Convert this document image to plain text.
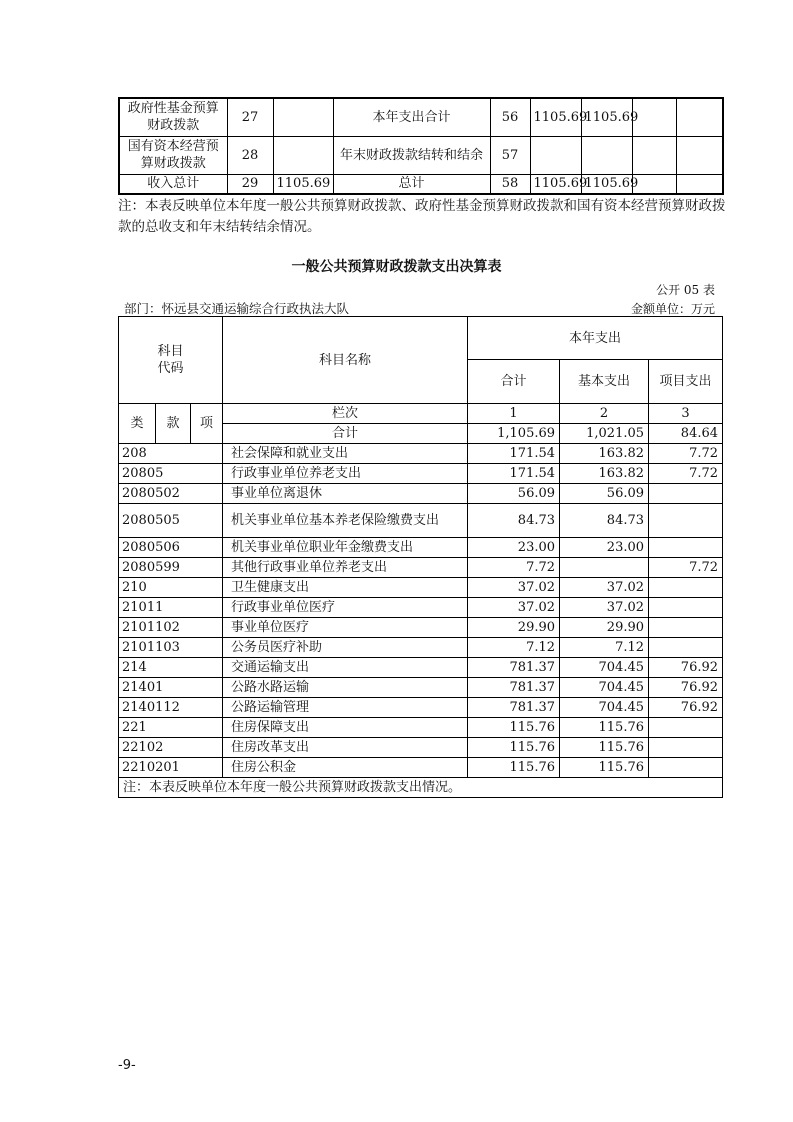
政府性基金预算财政拨款	27		本年支出合计	56	1105.69	1105.69		
国有资本经营预算财政拨款	28		年末财政拨款结转和结余	57				
收入总计	29	1105.69	总计	58	1105.69	1105.69		
注：本表反映单位本年度一般公共预算财政拨款、政府性基金预算财政拨款和国有资本经营预算财政拨款的总收支和年末结转结余情况。
一般公共预算财政拨款支出决算表
公开 05 表
部门：怀远县交通运输综合行政执法大队	金额单位：万元
科目
代码			科目名称	本年支出		
				合计	基本支出	项目支出
类	款	项	栏次	1	2	3
			合计	1,105.69	1,021.05	84.64
208			社会保障和就业支出	171.54	163.82	7.72
20805			行政事业单位养老支出	171.54	163.82	7.72
2080502			事业单位离退休	56.09	56.09	
2080505			机关事业单位基本养老保险缴费支出	84.73	84.73	
2080506			机关事业单位职业年金缴费支出	23.00	23.00	
2080599			其他行政事业单位养老支出	7.72		7.72
210			卫生健康支出	37.02	37.02	
21011			行政事业单位医疗	37.02	37.02	
2101102			事业单位医疗	29.90	29.90	
2101103			公务员医疗补助	7.12	7.12	
214			交通运输支出	781.37	704.45	76.92
21401			公路水路运输	781.37	704.45	76.92
2140112			公路运输管理	781.37	704.45	76.92
221			住房保障支出	115.76	115.76	
22102			住房改革支出	115.76	115.76	
2210201			住房公积金	115.76	115.76	
注：本表反映单位本年度一般公共预算财政拨款支出情况。						
-9-
